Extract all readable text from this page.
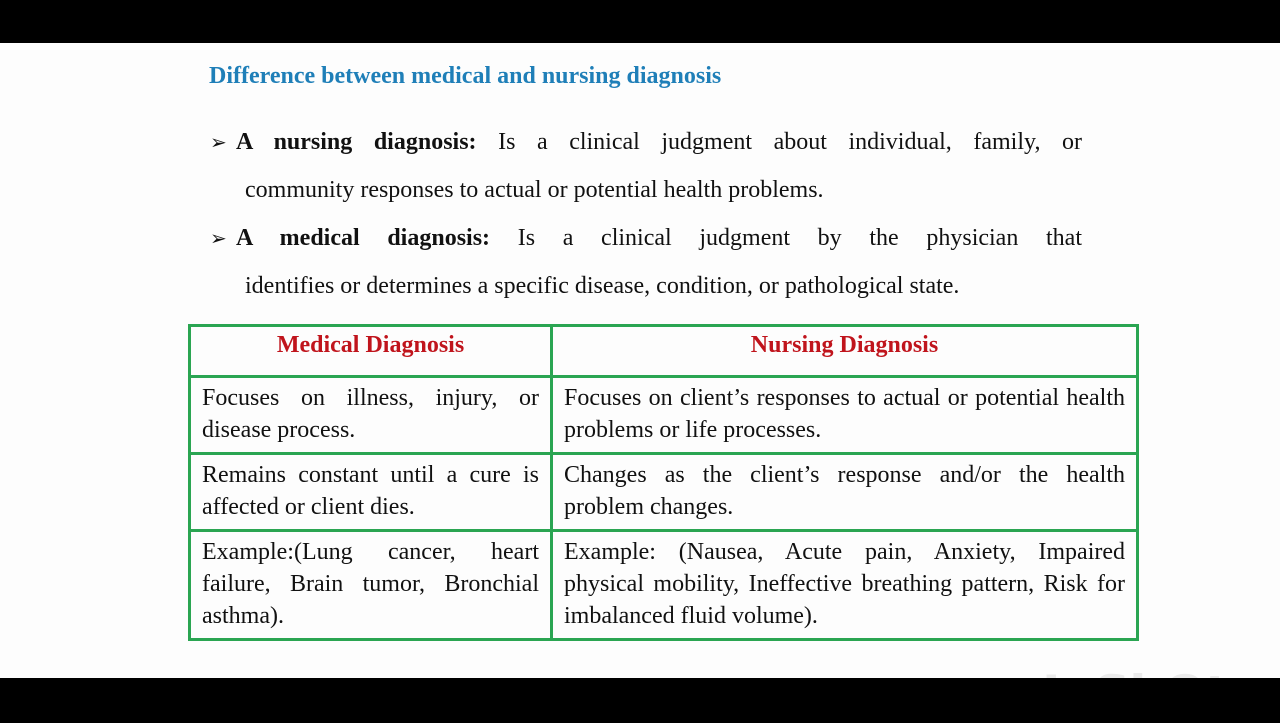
Difference between medical and nursing diagnosis
➢ A nursing diagnosis: Is a clinical judgment about individual, family, or
community responses to actual or potential health problems.
➢ A medical diagnosis: Is a clinical judgment by the physician that
identifies or determines a specific disease, condition, or pathological state.
Medical Diagnosis	Nursing Diagnosis
Focuses on illness, injury, or disease process.	Focuses on client’s responses to actual or potential health problems or life processes.
Remains constant until a cure is affected or client dies.	Changes as the client’s response and/or the health problem changes.
Example:(Lung cancer, heart failure, Brain tumor, Bronchial asthma).	Example: (Nausea, Acute pain, Anxiety, Impaired physical mobility, Ineffective breathing pattern, Risk for imbalanced fluid volume).
